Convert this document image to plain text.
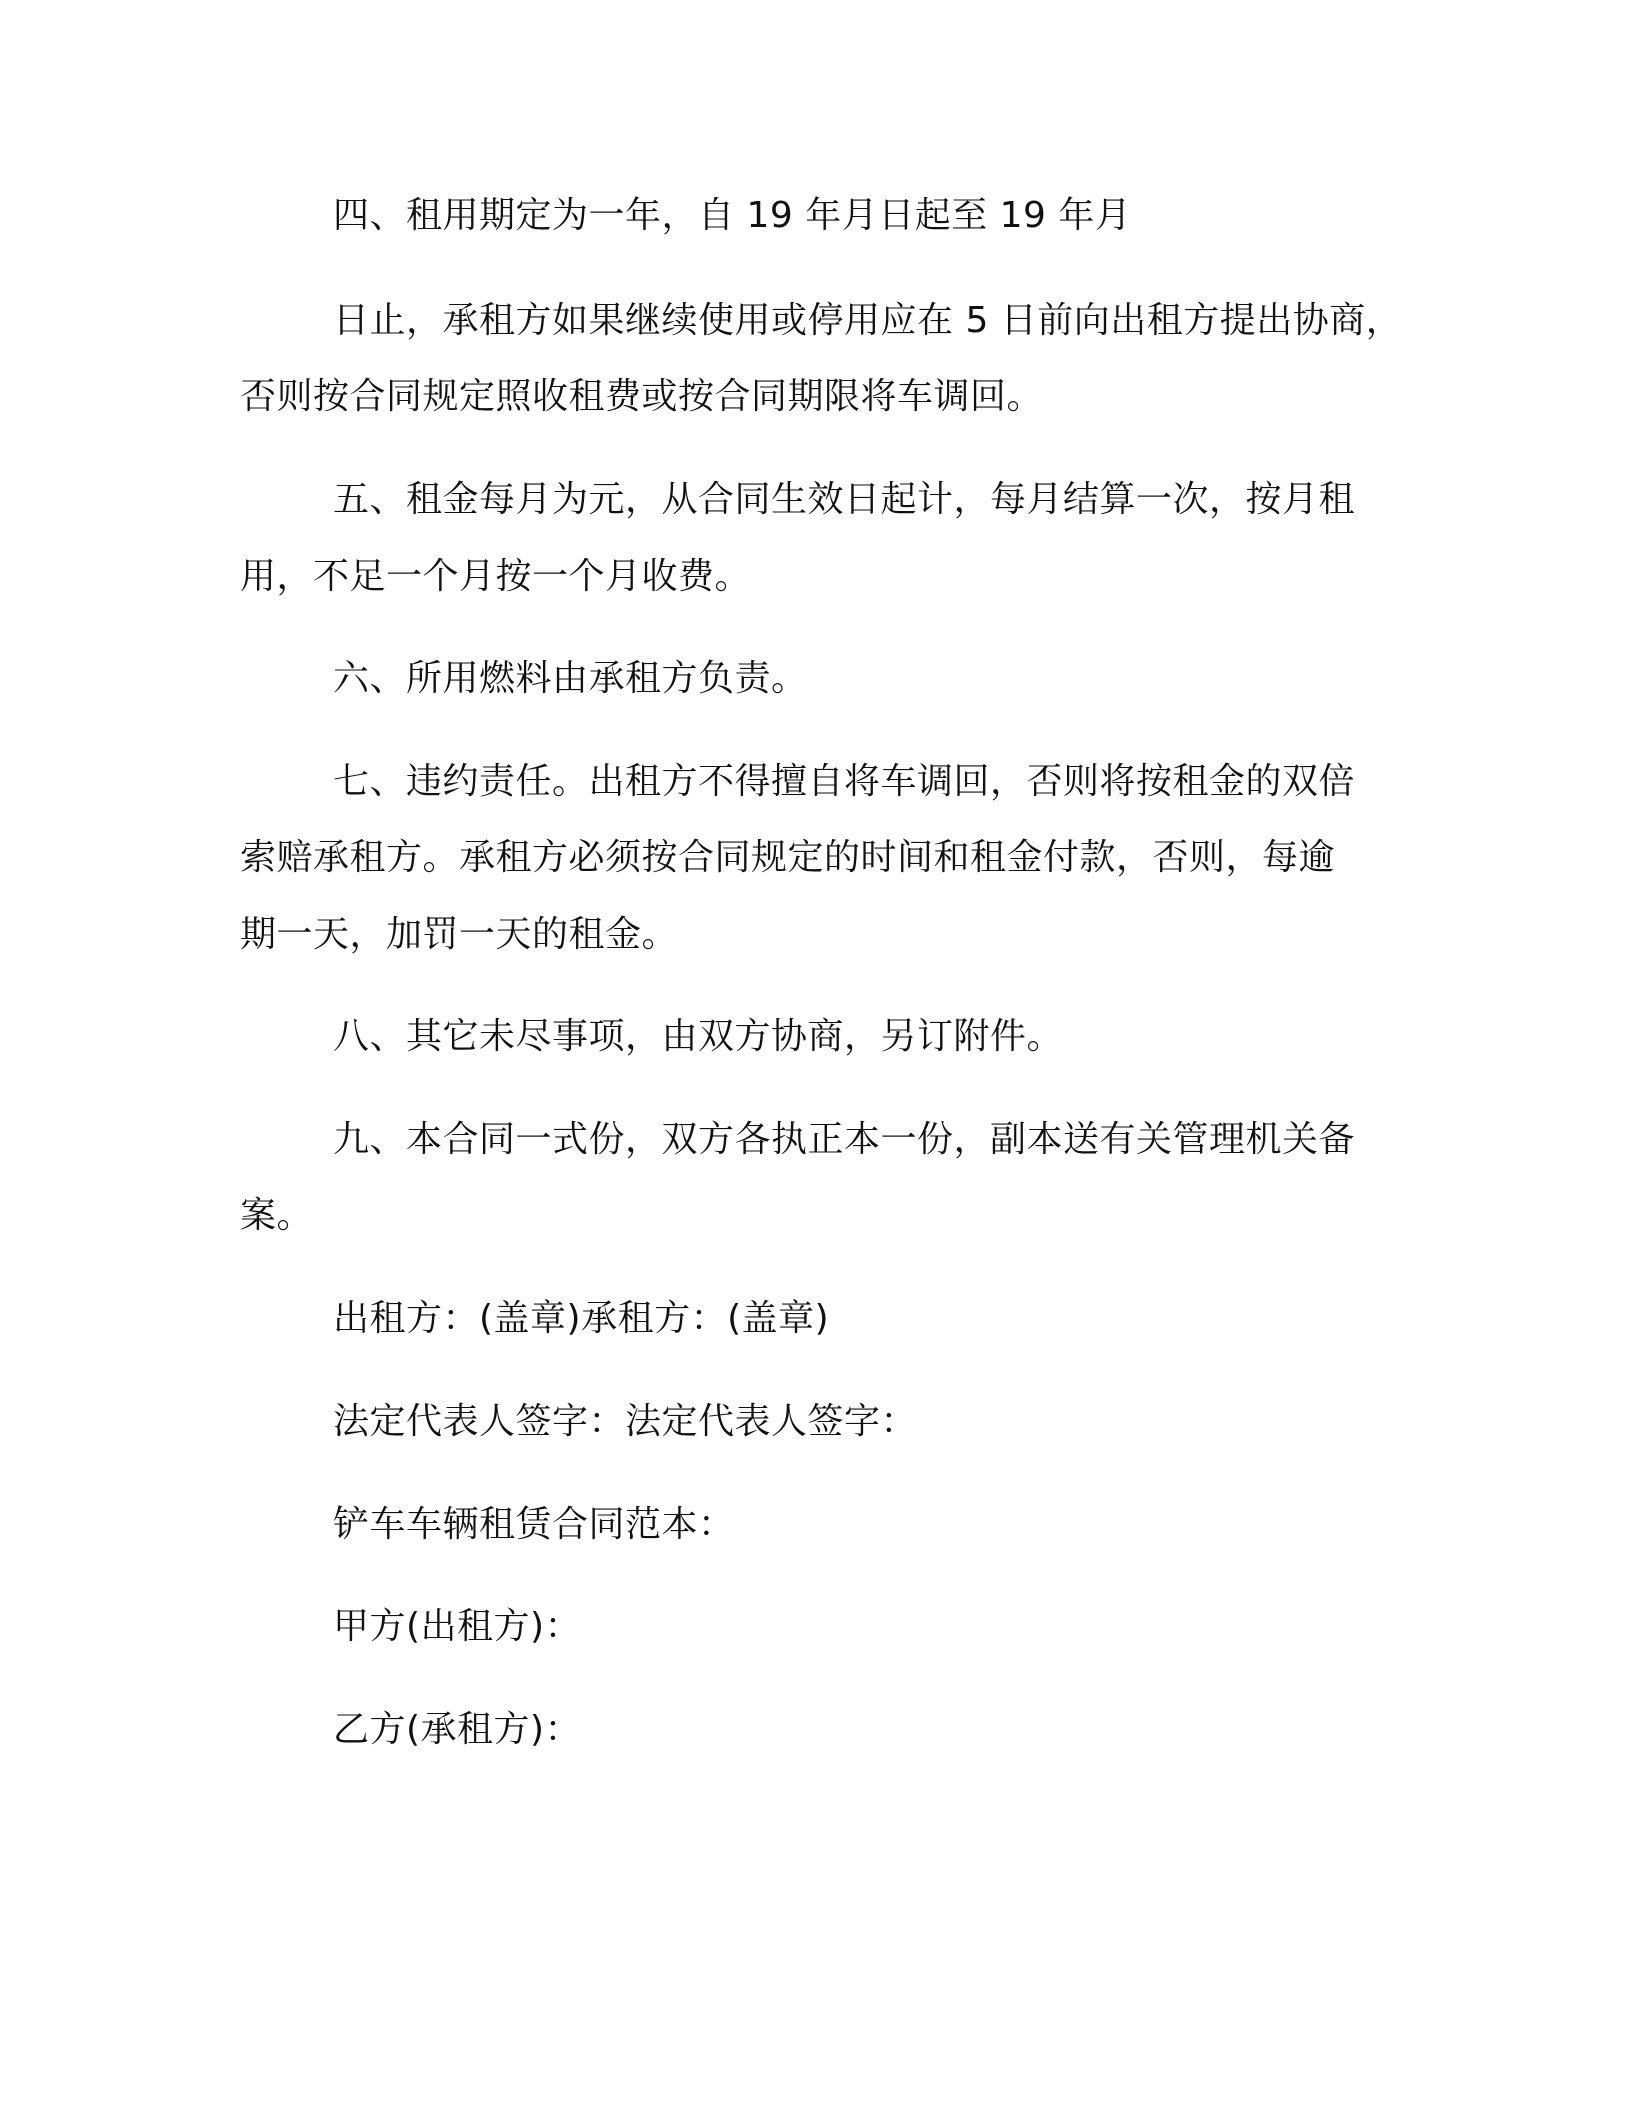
四、租用期定为一年，自 19 年月日起至 19 年月
日止，承租方如果继续使用或停用应在 5 日前向出租方提出协商，
否则按合同规定照收租费或按合同期限将车调回。
五、租金每月为元，从合同生效日起计，每月结算一次，按月租
用，不足一个月按一个月收费。
六、所用燃料由承租方负责。
七、违约责任。出租方不得擅自将车调回，否则将按租金的双倍
索赔承租方。承租方必须按合同规定的时间和租金付款，否则，每逾
期一天，加罚一天的租金。
八、其它未尽事项，由双方协商，另订附件。
九、本合同一式份，双方各执正本一份，副本送有关管理机关备
案。
出租方：(盖章)承租方：(盖章)
法定代表人签字：法定代表人签字：
铲车车辆租赁合同范本：
甲方(出租方)：
乙方(承租方)：
